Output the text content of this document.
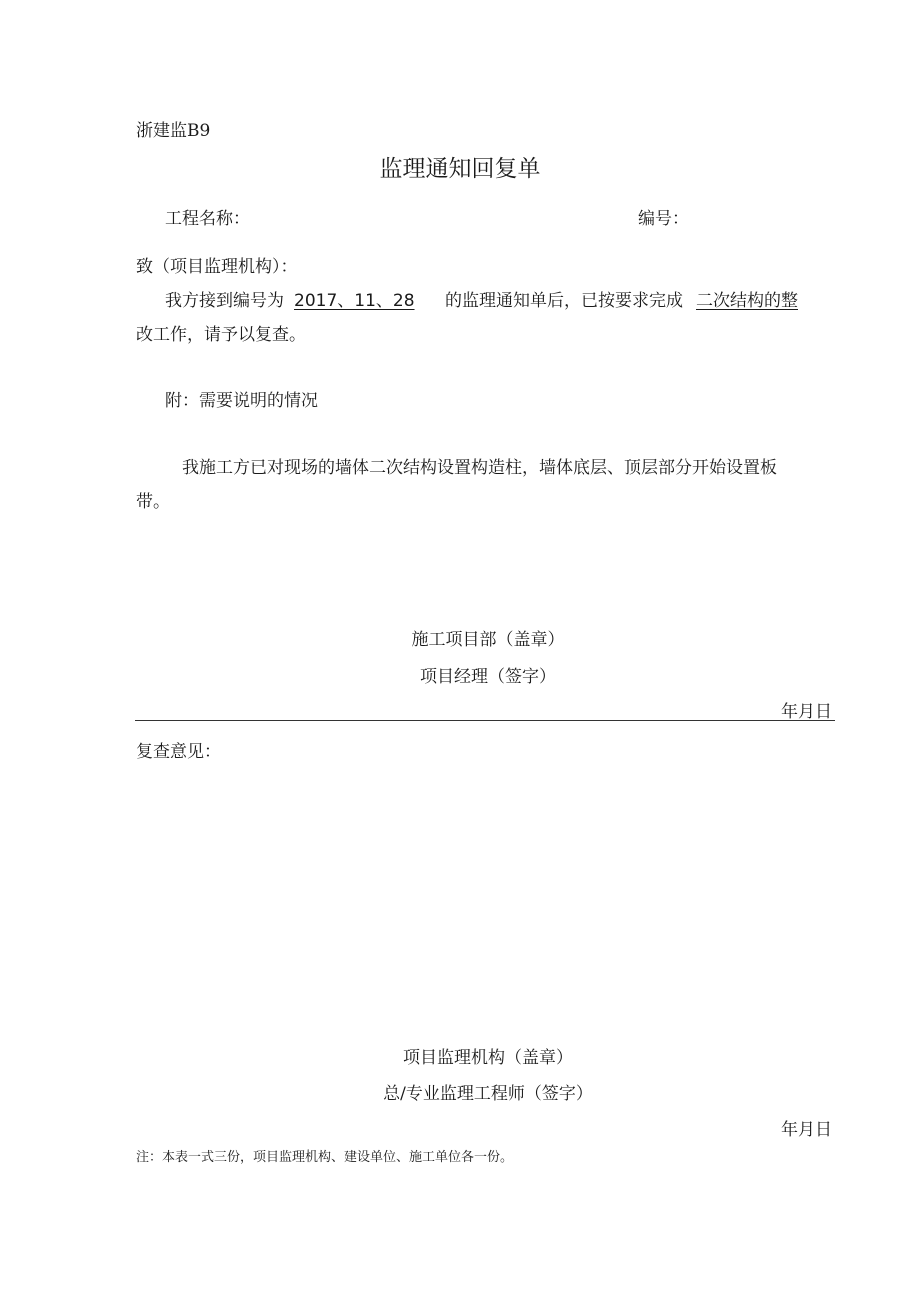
浙建监B9
监理通知回复单
工程名称：	编号：
致（项目监理机构）：
我方接到编号为 2017、11、28 的监理通知单后，已按要求完成 二次结构的整
改工作，请予以复查。
附：需要说明的情况
我施工方已对现场的墙体二次结构设置构造柱，墙体底层、顶层部分开始设置板
带。
施工项目部（盖章）
项目经理（签字）
年月日
复查意见：
项目监理机构（盖章）
总/专业监理工程师（签字）
年月日
注：本表一式三份，项目监理机构、建设单位、施工单位各一份。
